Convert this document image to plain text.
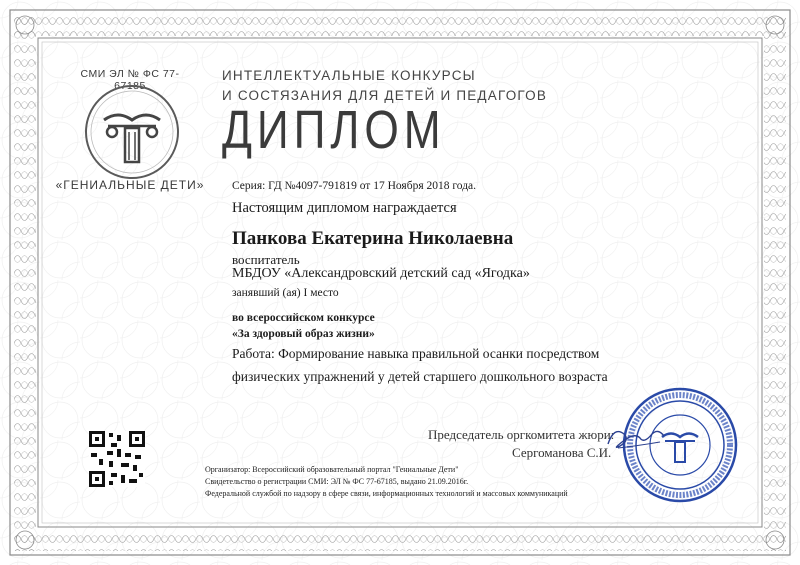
СМИ ЭЛ № ФС 77-67185
«ГЕНИАЛЬНЫЕ ДЕТИ»
ИНТЕЛЛЕКТУАЛЬНЫЕ КОНКУРСЫ
И СОСТЯЗАНИЯ ДЛЯ ДЕТЕЙ И ПЕДАГОГОВ
ДИПЛОМ
Серия: ГД №4097-791819 от 17 Ноября 2018 года.
Настоящим дипломом награждается
Панкова Екатерина Николаевна
воспитатель
МБДОУ «Александровский детский сад «Ягодка»
занявший (ая) I место
во всероссийском конкурсе
«За здоровый образ жизни»
Работа: Формирование навыка правильной осанки посредством
физических упражнений у детей старшего дошкольного возраста
Председатель оргкомитета жюри:
Сергоманова С.И.
Организатор: Всероссийский образовательный портал "Гениальные Дети"
Свидетельство о регистрации СМИ: ЭЛ № ФС 77-67185, выдано 21.09.2016г.
Федеральной службой по надзору в сфере связи, информационных технологий и массовых коммуникаций
